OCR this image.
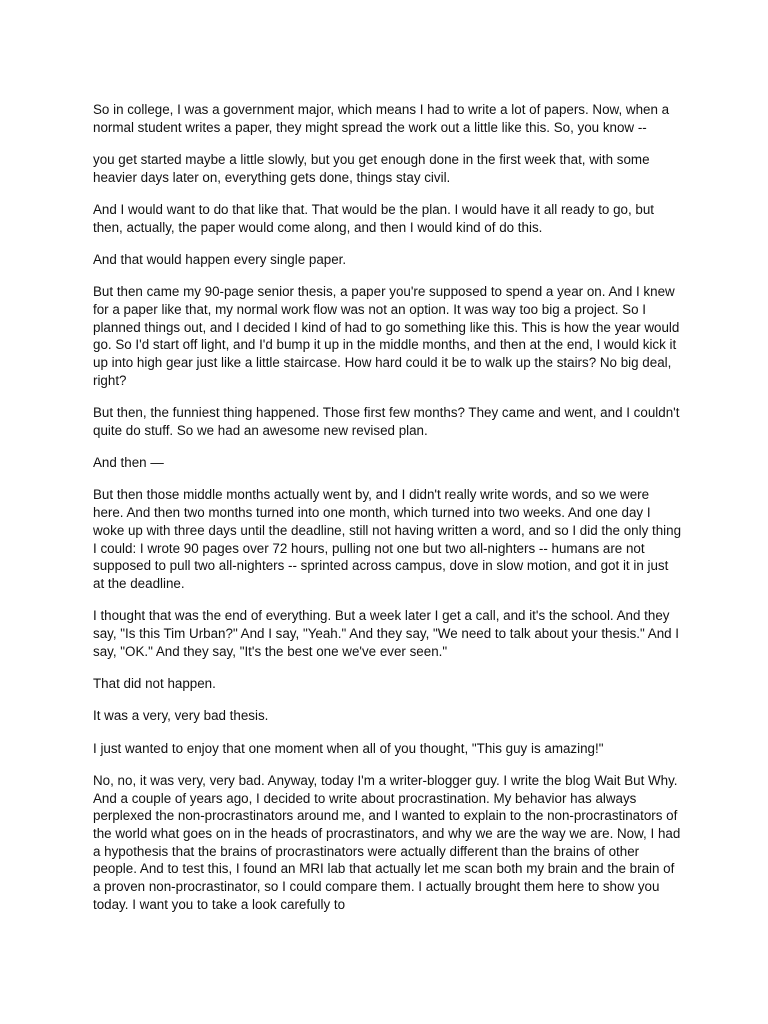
So in college, I was a government major, which means I had to write a lot of papers. Now, when a normal student writes a paper, they might spread the work out a little like this. So, you know --

you get started maybe a little slowly, but you get enough done in the first week that, with some heavier days later on, everything gets done, things stay civil.

And I would want to do that like that. That would be the plan. I would have it all ready to go, but then, actually, the paper would come along, and then I would kind of do this.

And that would happen every single paper.

But then came my 90-page senior thesis, a paper you're supposed to spend a year on. And I knew for a paper like that, my normal work flow was not an option. It was way too big a project. So I planned things out, and I decided I kind of had to go something like this. This is how the year would go. So I'd start off light, and I'd bump it up in the middle months, and then at the end, I would kick it up into high gear just like a little staircase. How hard could it be to walk up the stairs? No big deal, right?

But then, the funniest thing happened. Those first few months? They came and went, and I couldn't quite do stuff. So we had an awesome new revised plan.

And then —

But then those middle months actually went by, and I didn't really write words, and so we were here. And then two months turned into one month, which turned into two weeks. And one day I woke up with three days until the deadline, still not having written a word, and so I did the only thing I could: I wrote 90 pages over 72 hours, pulling not one but two all-nighters -- humans are not supposed to pull two all-nighters -- sprinted across campus, dove in slow motion, and got it in just at the deadline.

I thought that was the end of everything. But a week later I get a call, and it's the school. And they say, "Is this Tim Urban?" And I say, "Yeah." And they say, "We need to talk about your thesis." And I say, "OK." And they say, "It's the best one we've ever seen."

That did not happen.

It was a very, very bad thesis.

I just wanted to enjoy that one moment when all of you thought, "This guy is amazing!"

No, no, it was very, very bad. Anyway, today I'm a writer-blogger guy. I write the blog Wait But Why. And a couple of years ago, I decided to write about procrastination. My behavior has always perplexed the non-procrastinators around me, and I wanted to explain to the non-procrastinators of the world what goes on in the heads of procrastinators, and why we are the way we are. Now, I had a hypothesis that the brains of procrastinators were actually different than the brains of other people. And to test this, I found an MRI lab that actually let me scan both my brain and the brain of a proven non-procrastinator, so I could compare them. I actually brought them here to show you today. I want you to take a look carefully to
